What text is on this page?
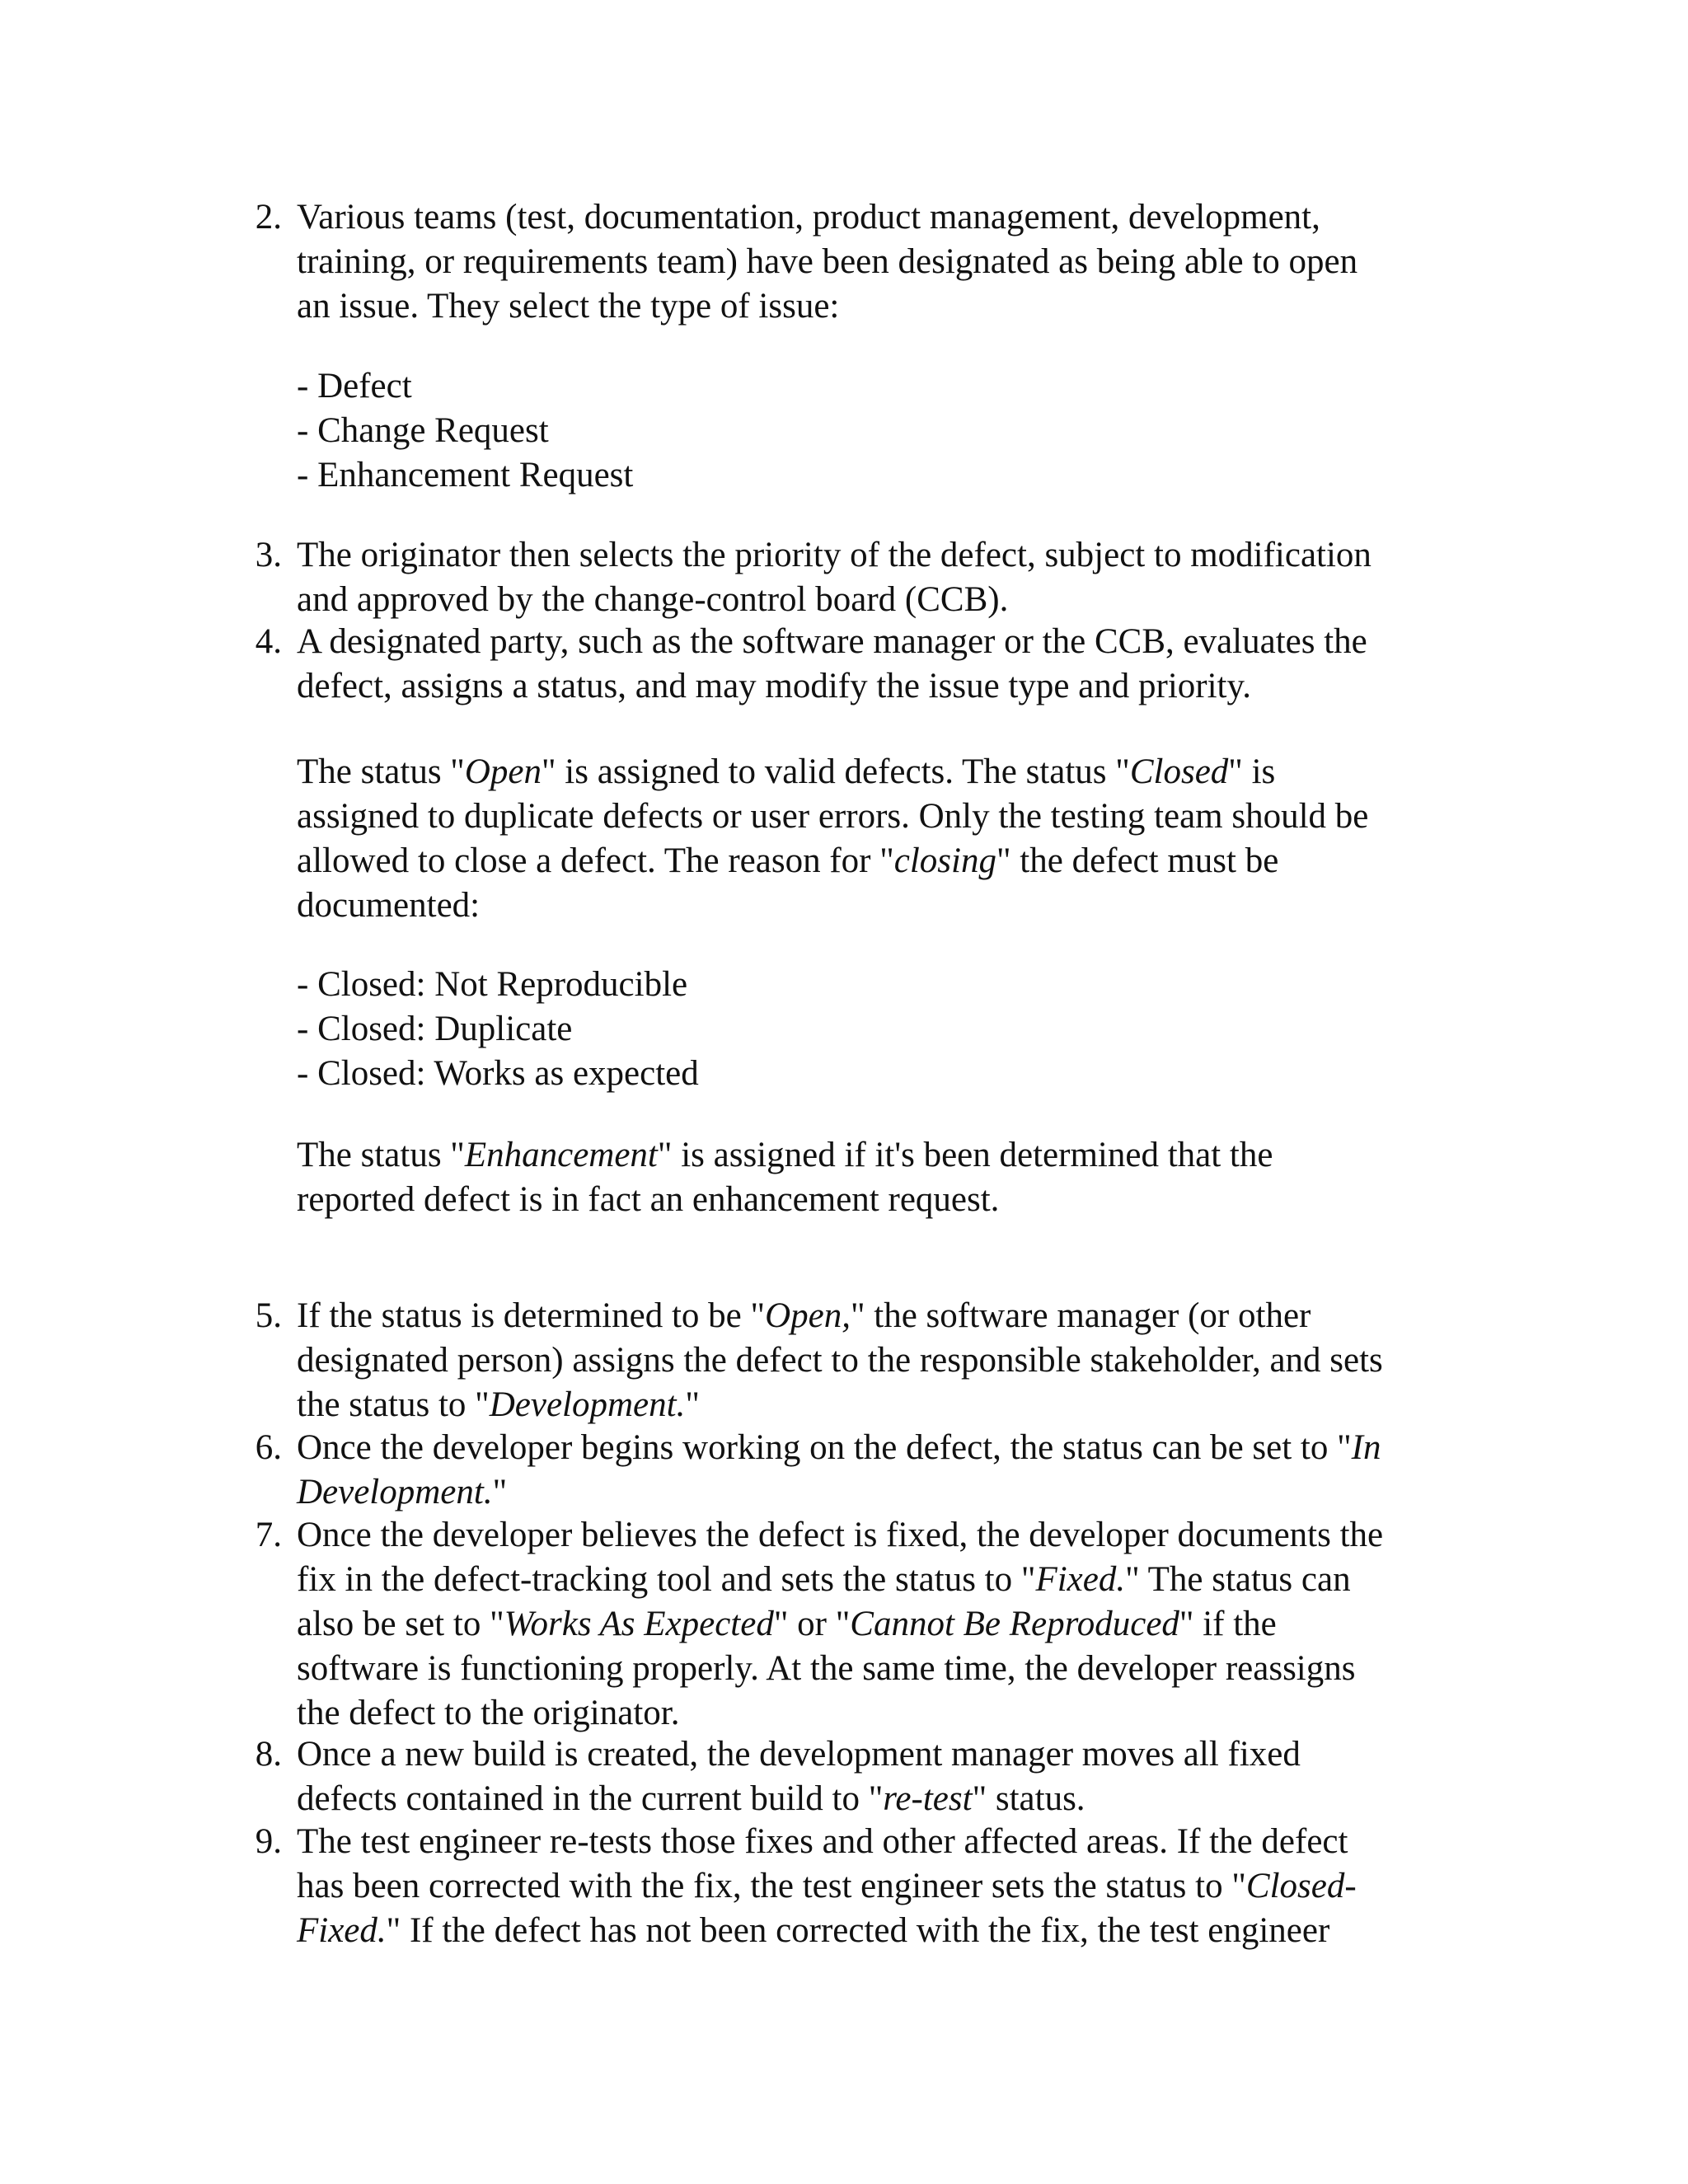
2. Various teams (test, documentation, product management, development,
training, or requirements team) have been designated as being able to open
an issue. They select the type of issue:
- Defect
- Change Request
- Enhancement Request
3. The originator then selects the priority of the defect, subject to modification
and approved by the change-control board (CCB).
4. A designated party, such as the software manager or the CCB, evaluates the
defect, assigns a status, and may modify the issue type and priority.
The status "Open" is assigned to valid defects. The status "Closed" is
assigned to duplicate defects or user errors. Only the testing team should be
allowed to close a defect. The reason for "closing" the defect must be
documented:
- Closed: Not Reproducible
- Closed: Duplicate
- Closed: Works as expected
The status "Enhancement" is assigned if it's been determined that the
reported defect is in fact an enhancement request.
5. If the status is determined to be "Open," the software manager (or other
designated person) assigns the defect to the responsible stakeholder, and sets
the status to "Development."
6. Once the developer begins working on the defect, the status can be set to "In
Development."
7. Once the developer believes the defect is fixed, the developer documents the
fix in the defect-tracking tool and sets the status to "Fixed." The status can
also be set to "Works As Expected" or "Cannot Be Reproduced" if the
software is functioning properly. At the same time, the developer reassigns
the defect to the originator.
8. Once a new build is created, the development manager moves all fixed
defects contained in the current build to "re-test" status.
9. The test engineer re-tests those fixes and other affected areas. If the defect
has been corrected with the fix, the test engineer sets the status to "Closed-
Fixed." If the defect has not been corrected with the fix, the test engineer
